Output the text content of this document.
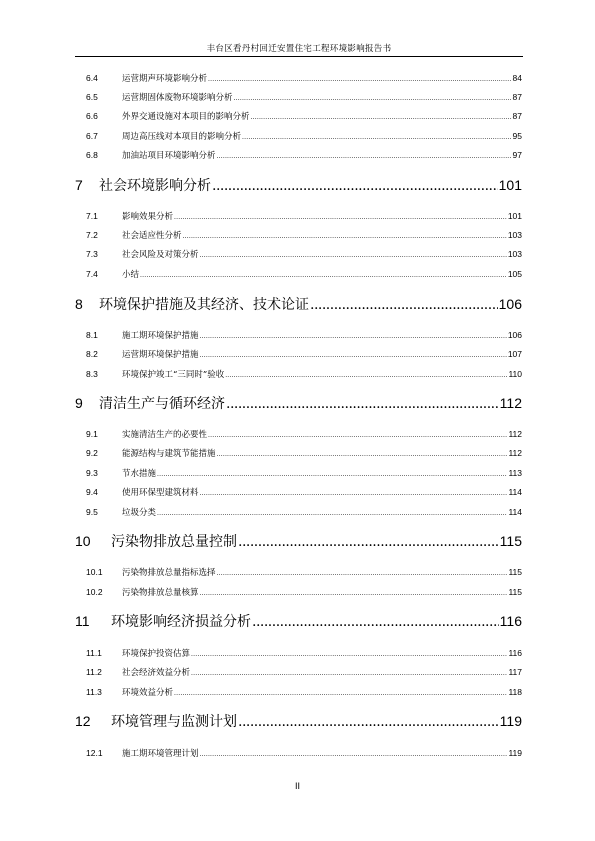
丰台区看丹村回迁安置住宅工程环境影响报告书
6.4	运营期声环境影响分析 .....	84
6.5	运营期固体废物环境影响分析 .....	87
6.6	外界交通设施对本项目的影响分析 .....	87
6.7	周边高压线对本项目的影响分析 .....	95
6.8	加油站项目环境影响分析 .....	97
7	社会环境影响分析 .....	101
7.1	影响效果分析 .....	101
7.2	社会适应性分析 .....	103
7.3	社会风险及对策分析 .....	103
7.4	小结 .....	105
8	环境保护措施及其经济、技术论证 .....	106
8.1	施工期环境保护措施 .....	106
8.2	运营期环境保护措施 .....	107
8.3	环境保护竣工“三同时”验收 .....	110
9	清洁生产与循环经济 .....	112
9.1	实施清洁生产的必要性 .....	112
9.2	能源结构与建筑节能措施 .....	112
9.3	节水措施 .....	113
9.4	使用环保型建筑材料 .....	114
9.5	垃圾分类 .....	114
10	污染物排放总量控制 .....	115
10.1	污染物排放总量指标选择 .....	115
10.2	污染物排放总量核算 .....	115
11	环境影响经济损益分析 .....	116
11.1	环境保护投资估算 .....	116
11.2	社会经济效益分析 .....	117
11.3	环境效益分析 .....	118
12	环境管理与监测计划 .....	119
12.1	施工期环境管理计划 .....	119
II
